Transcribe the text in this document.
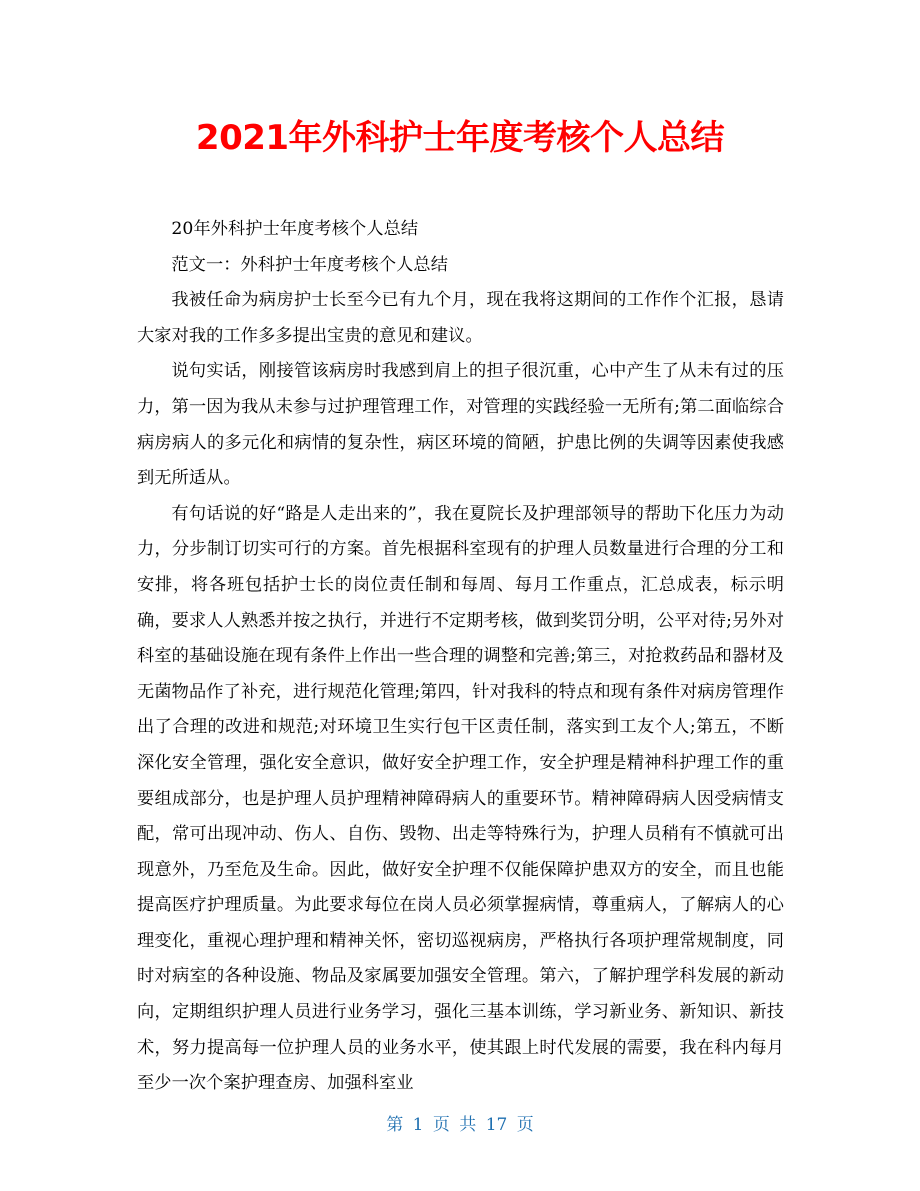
2021年外科护士年度考核个人总结

20年外科护士年度考核个人总结

范文一：外科护士年度考核个人总结

我被任命为病房护士长至今已有九个月，现在我将这期间的工作作个汇报，恳请大家对我的工作多多提出宝贵的意见和建议。

说句实话，刚接管该病房时我感到肩上的担子很沉重，心中产生了从未有过的压力，第一因为我从未参与过护理管理工作，对管理的实践经验一无所有;第二面临综合病房病人的多元化和病情的复杂性，病区环境的简陋，护患比例的失调等因素使我感到无所适从。

有句话说的好“路是人走出来的”，我在夏院长及护理部领导的帮助下化压力为动力，分步制订切实可行的方案。首先根据科室现有的护理人员数量进行合理的分工和安排，将各班包括护士长的岗位责任制和每周、每月工作重点，汇总成表，标示明确，要求人人熟悉并按之执行，并进行不定期考核，做到奖罚分明，公平对待;另外对科室的基础设施在现有条件上作出一些合理的调整和完善;第三，对抢救药品和器材及无菌物品作了补充，进行规范化管理;第四，针对我科的特点和现有条件对病房管理作出了合理的改进和规范;对环境卫生实行包干区责任制，落实到工友个人;第五，不断深化安全管理，强化安全意识，做好安全护理工作，安全护理是精神科护理工作的重要组成部分，也是护理人员护理精神障碍病人的重要环节。精神障碍病人因受病情支配，常可出现冲动、伤人、自伤、毁物、出走等特殊行为，护理人员稍有不慎就可出现意外，乃至危及生命。因此，做好安全护理不仅能保障护患双方的安全，而且也能提高医疗护理质量。为此要求每位在岗人员必须掌握病情，尊重病人，了解病人的心理变化，重视心理护理和精神关怀，密切巡视病房，严格执行各项护理常规制度，同时对病室的各种设施、物品及家属要加强安全管理。第六，了解护理学科发展的新动向，定期组织护理人员进行业务学习，强化三基本训练，学习新业务、新知识、新技术，努力提高每一位护理人员的业务水平，使其跟上时代发展的需要，我在科内每月至少一次个案护理查房、加强科室业

第 1 页 共 17 页
